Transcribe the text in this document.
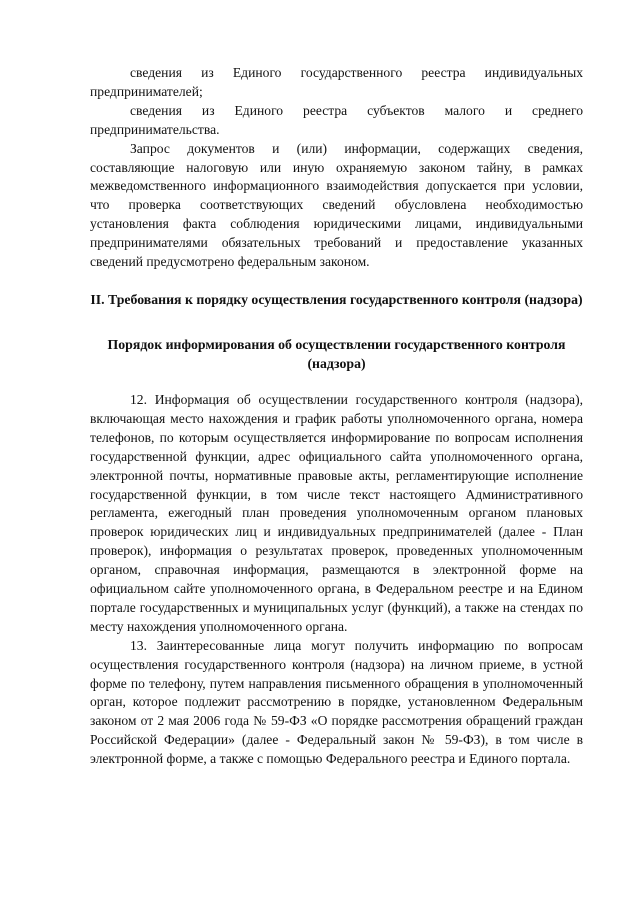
сведения из Единого государственного реестра индивидуальных предпринимателей;

сведения из Единого реестра субъектов малого и среднего предпринимательства.

Запрос документов и (или) информации, содержащих сведения, составляющие налоговую или иную охраняемую законом тайну, в рамках межведомственного информационного взаимодействия допускается при условии, что проверка соответствующих сведений обусловлена необходимостью установления факта соблюдения юридическими лицами, индивидуальными предпринимателями обязательных требований и предоставление указанных сведений предусмотрено федеральным законом.

II. Требования к порядку осуществления государственного контроля (надзора)
Порядок информирования об осуществлении государственного контроля (надзора)

12. Информация об осуществлении государственного контроля (надзора), включающая место нахождения и график работы уполномоченного органа, номера телефонов, по которым осуществляется информирование по вопросам исполнения государственной функции, адрес официального сайта уполномоченного органа, электронной почты, нормативные правовые акты, регламентирующие исполнение государственной функции, в том числе текст настоящего Административного регламента, ежегодный план проведения уполномоченным органом плановых проверок юридических лиц и индивидуальных предпринимателей (далее - План проверок), информация о результатах проверок, проведенных уполномоченным органом, справочная информация, размещаются в электронной форме на официальном сайте уполномоченного органа, в Федеральном реестре и на Едином портале государственных и муниципальных услуг (функций), а также на стендах по месту нахождения уполномоченного органа.

13. Заинтересованные лица могут получить информацию по вопросам осуществления государственного контроля (надзора) на личном приеме, в устной форме по телефону, путем направления письменного обращения в уполномоченный орган, которое подлежит рассмотрению в порядке, установленном Федеральным законом от 2 мая 2006 года № 59-ФЗ «О порядке рассмотрения обращений граждан Российской Федерации» (далее - Федеральный закон № 59-ФЗ), в том числе в электронной форме, а также с помощью Федерального реестра и Единого портала.
